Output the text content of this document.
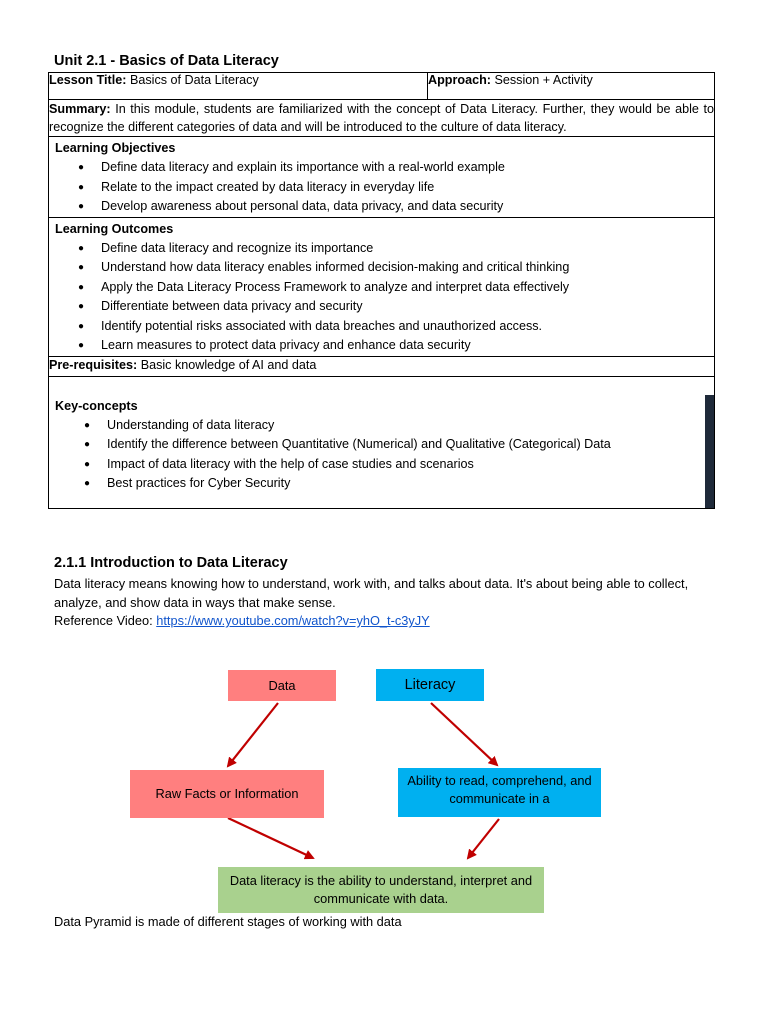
Unit 2.1 - Basics of Data Literacy
Lesson Title: Basics of Data Literacy	Approach: Session + Activity
Summary: In this module, students are familiarized with the concept of Data Literacy. Further, they would be able to recognize the different categories of data and will be introduced to the culture of data literacy.

Learning Objectives
● Define data literacy and explain its importance with a real-world example
● Relate to the impact created by data literacy in everyday life
● Develop awareness about personal data, data privacy, and data security

Learning Outcomes
● Define data literacy and recognize its importance
● Understand how data literacy enables informed decision-making and critical thinking
● Apply the Data Literacy Process Framework to analyze and interpret data effectively
● Differentiate between data privacy and security
● Identify potential risks associated with data breaches and unauthorized access.
● Learn measures to protect data privacy and enhance data security

Pre-requisites: Basic knowledge of AI and data

Key-concepts
● Understanding of data literacy
● Identify the difference between Quantitative (Numerical) and Qualitative (Categorical) Data
● Impact of data literacy with the help of case studies and scenarios
● Best practices for Cyber Security
2.1.1 Introduction to Data Literacy
Data literacy means knowing how to understand, work with, and talks about data. It's about being able to collect, analyze, and show data in ways that make sense.
Reference Video: https://www.youtube.com/watch?v=yhO_t-c3yJY
Data	Literacy
Raw Facts or Information
Ability to read, comprehend, and communicate in a
Data literacy is the ability to understand, interpret and communicate with data.
Data Pyramid is made of different stages of working with data
